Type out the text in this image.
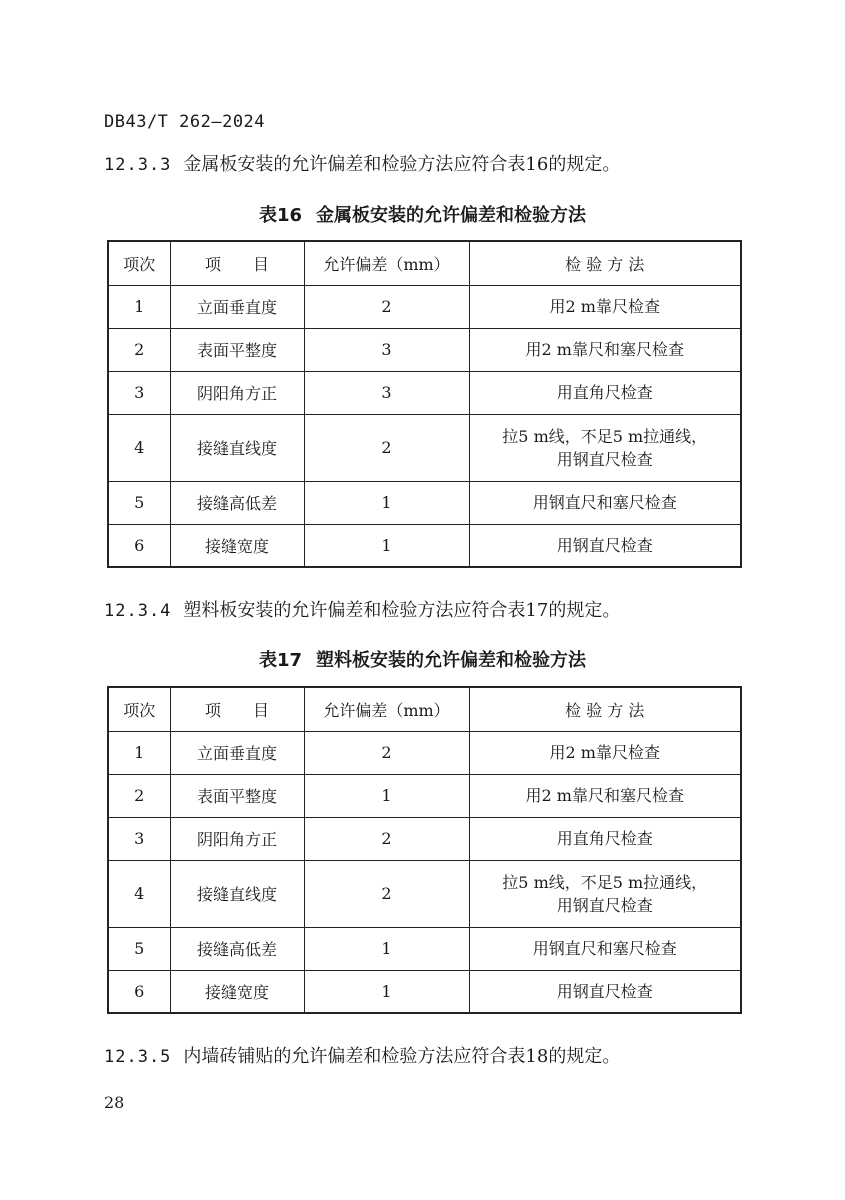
DB43/T 262—2024
12.3.3 金属板安装的允许偏差和检验方法应符合表16的规定。
表16 金属板安装的允许偏差和检验方法
项次	项　　目	允许偏差（mm）	检 验 方 法
1	立面垂直度	2	用2 m靠尺检查

2	表面平整度	3	用2 m靠尺和塞尺检查

3	阴阳角方正	3	用直角尺检查

4	接缝直线度	2	拉5 m线，不足5 m拉通线，
用钢直尺检查

5	接缝高低差	1	用钢直尺和塞尺检查

6	接缝宽度	1	用钢直尺检查
12.3.4 塑料板安装的允许偏差和检验方法应符合表17的规定。
表17 塑料板安装的允许偏差和检验方法
项次	项　　目	允许偏差（mm）	检 验 方 法
1	立面垂直度	2	用2 m靠尺检查

2	表面平整度	1	用2 m靠尺和塞尺检查

3	阴阳角方正	2	用直角尺检查

4	接缝直线度	2	拉5 m线，不足5 m拉通线，
用钢直尺检查

5	接缝高低差	1	用钢直尺和塞尺检查

6	接缝宽度	1	用钢直尺检查
12.3.5 内墙砖铺贴的允许偏差和检验方法应符合表18的规定。
28
